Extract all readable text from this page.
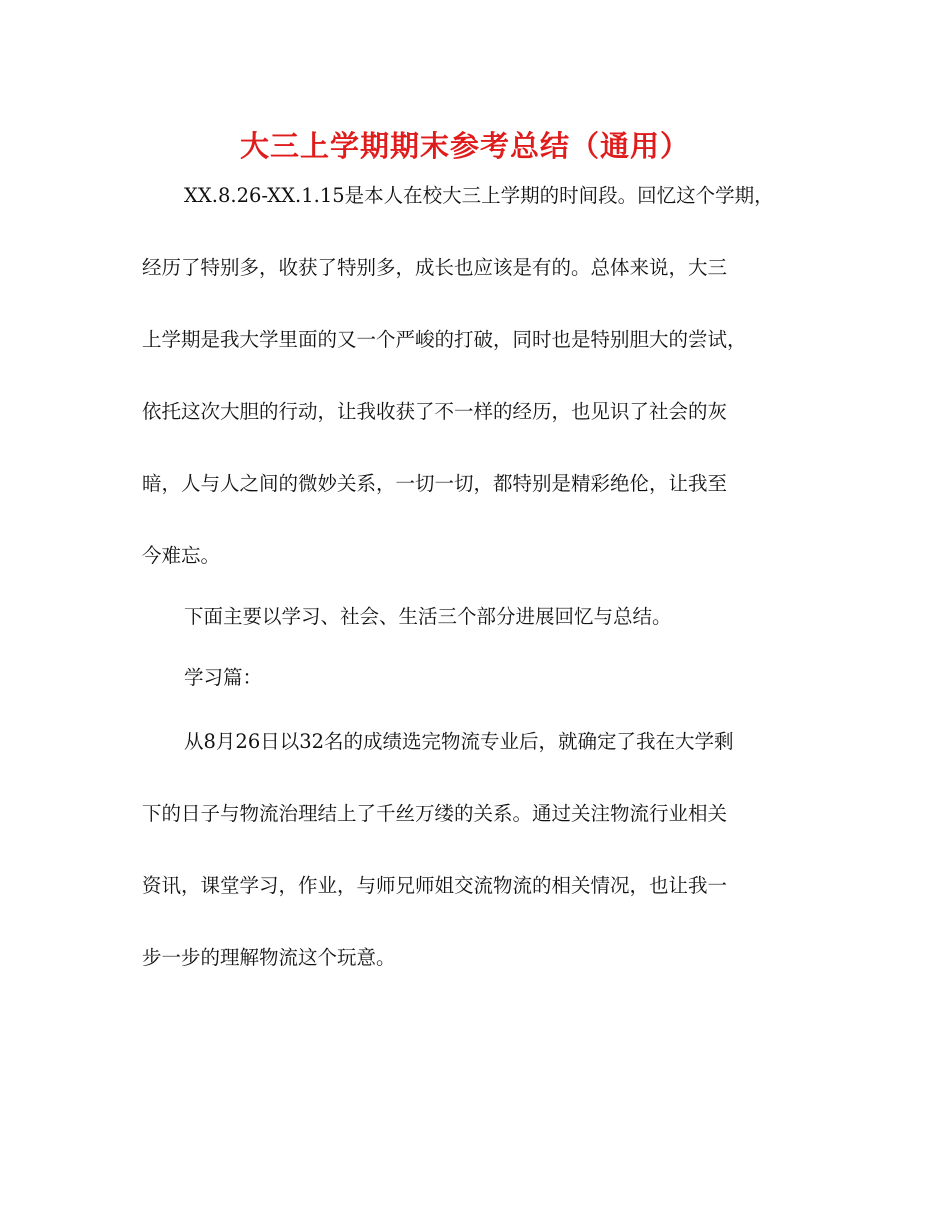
大三上学期期末参考总结（通用）
XX.8.26-XX.1.15是本人在校大三上学期的时间段。回忆这个学期，
经历了特别多，收获了特别多，成长也应该是有的。总体来说，大三
上学期是我大学里面的又一个严峻的打破，同时也是特别胆大的尝试，
依托这次大胆的行动，让我收获了不一样的经历，也见识了社会的灰
暗，人与人之间的微妙关系，一切一切，都特别是精彩绝伦，让我至
今难忘。
下面主要以学习、社会、生活三个部分进展回忆与总结。
学习篇：
从8月26日以32名的成绩选完物流专业后，就确定了我在大学剩
下的日子与物流治理结上了千丝万缕的关系。通过关注物流行业相关
资讯，课堂学习，作业，与师兄师姐交流物流的相关情况，也让我一
步一步的理解物流这个玩意。
